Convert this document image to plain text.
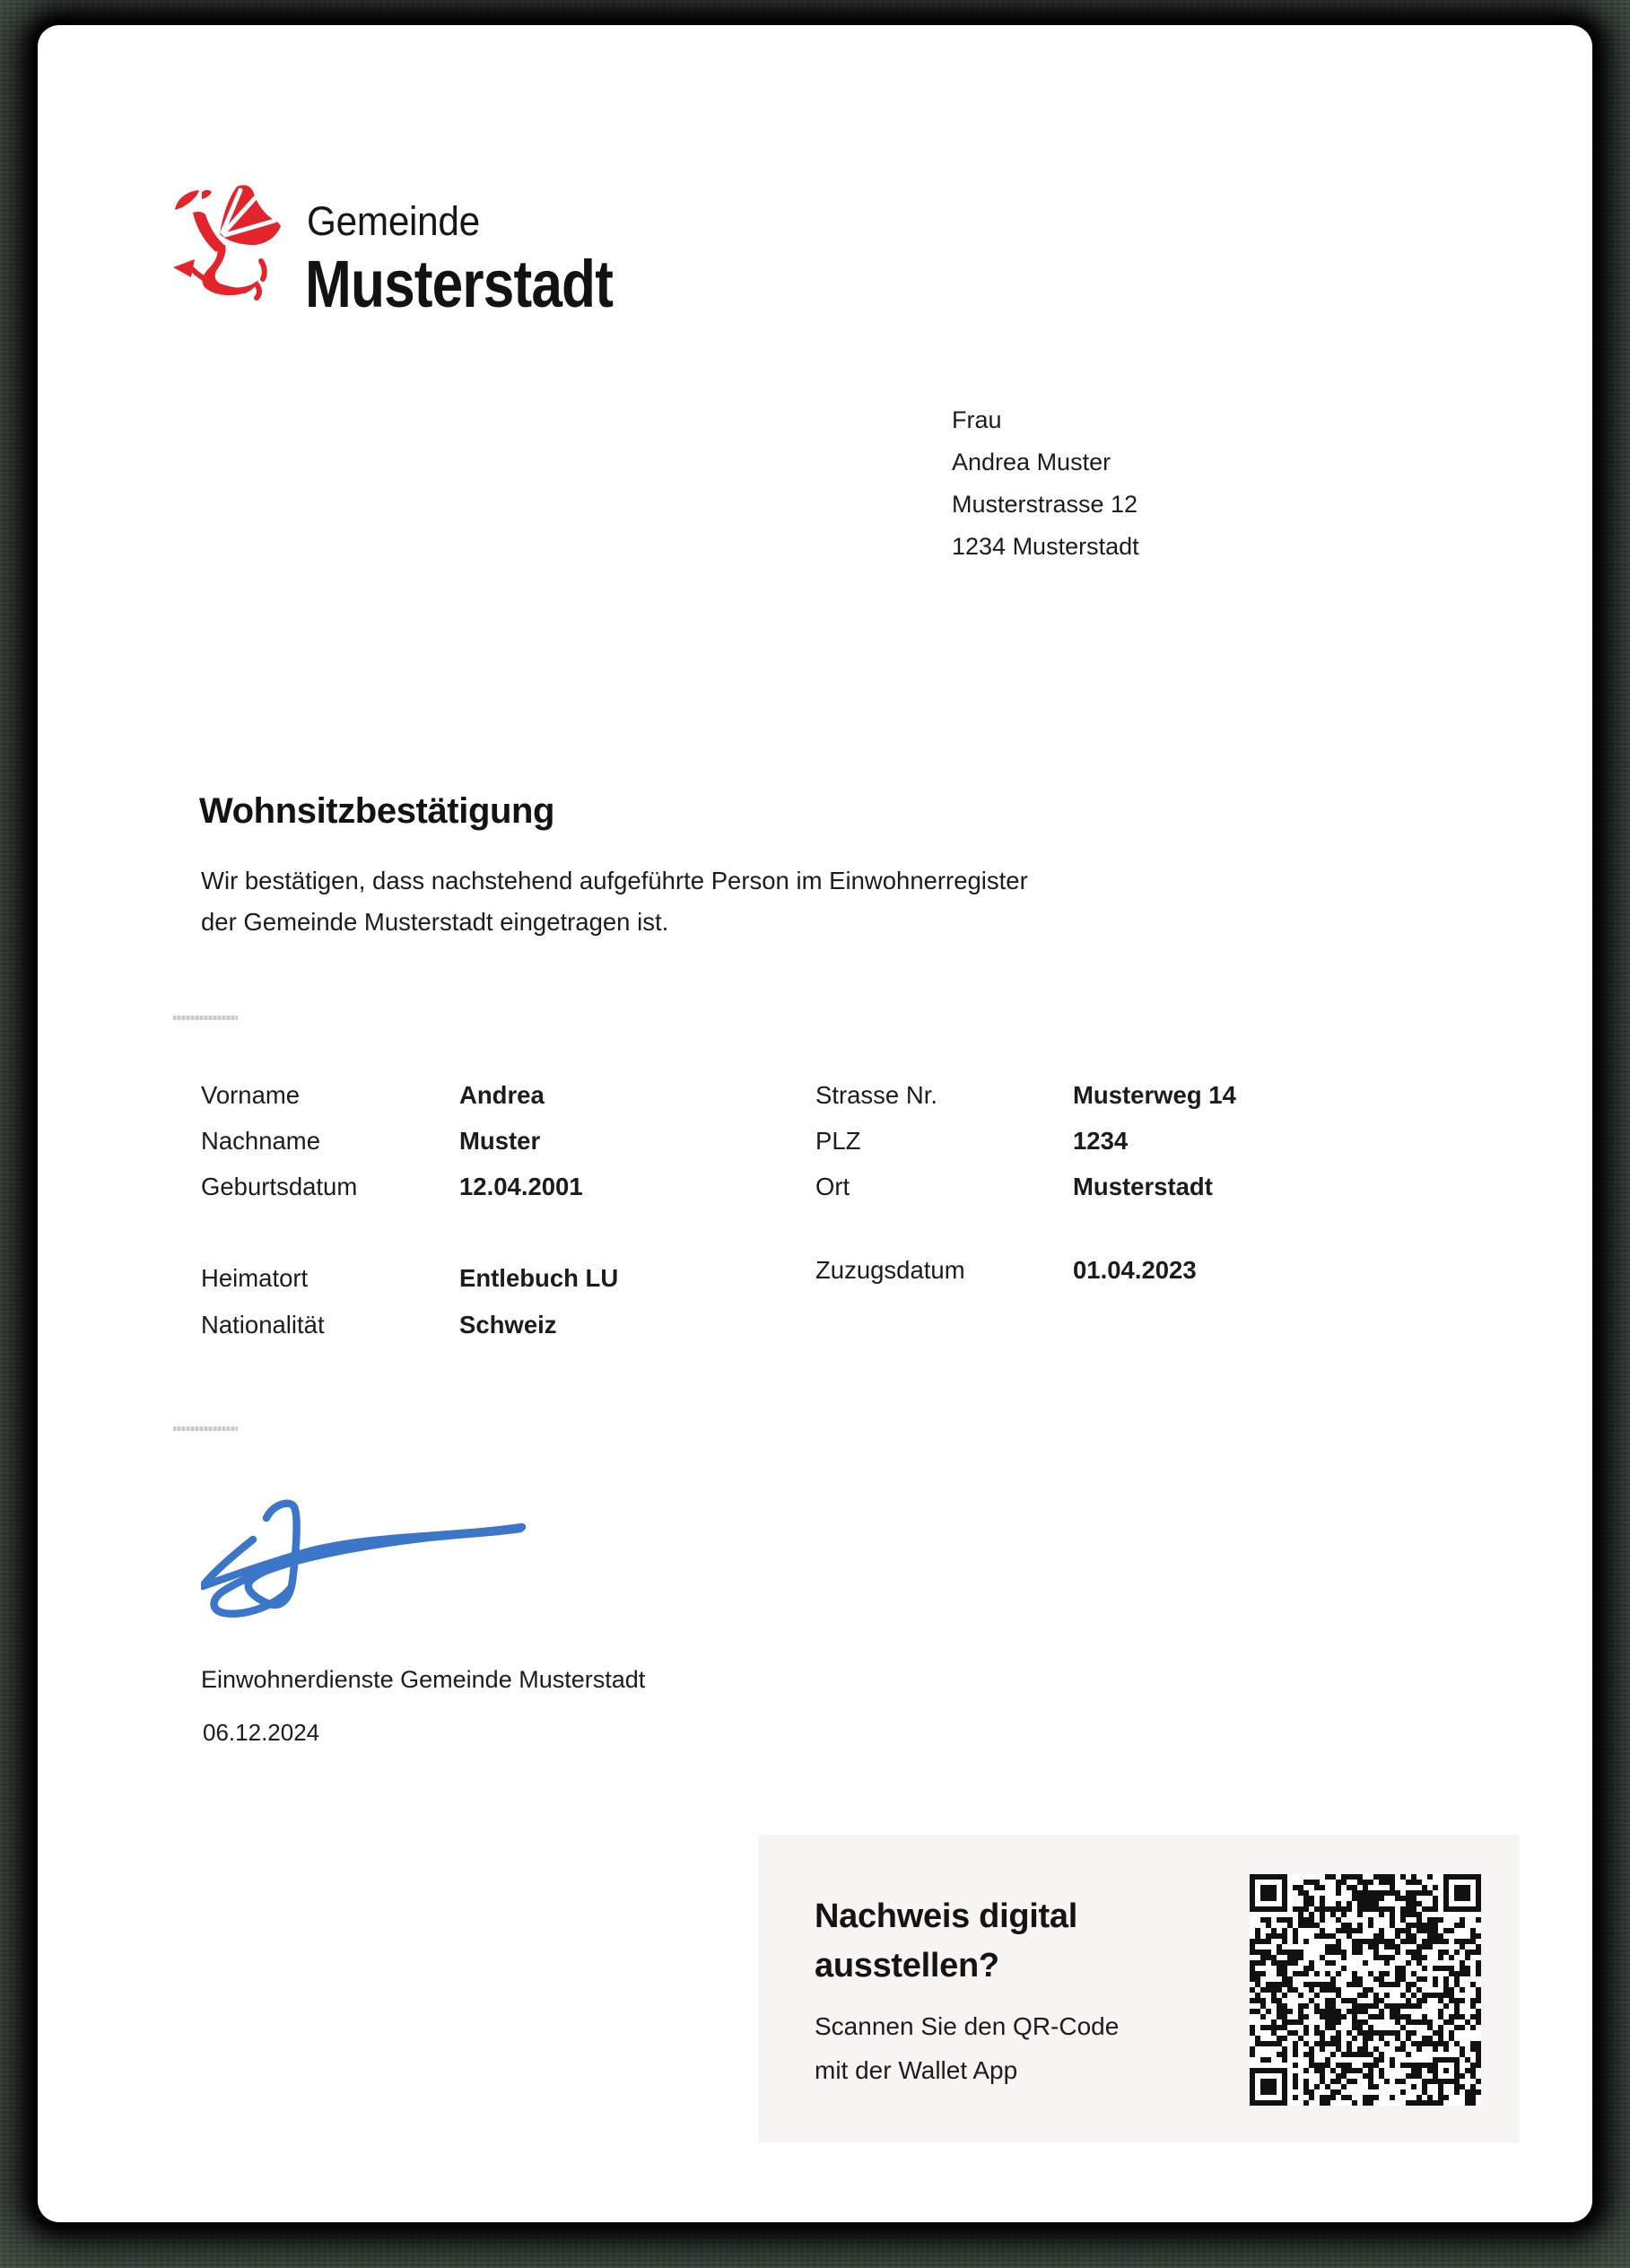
Gemeinde
Musterstadt
Frau
Andrea Muster
Musterstrasse 12
1234 Musterstadt
Wohnsitzbestätigung
Wir bestätigen, dass nachstehend aufgeführte Person im Einwohnerregister
der Gemeinde Musterstadt eingetragen ist.
Vorname	Andrea
Nachname	Muster
Geburtsdatum	12.04.2001
Heimatort	Entlebuch LU
Nationalität	Schweiz
Strasse Nr.	Musterweg 14
PLZ	1234
Ort	Musterstadt
Zuzugsdatum	01.04.2023
Einwohnerdienste Gemeinde Musterstadt
06.12.2024
Nachweis digital
ausstellen?
Scannen Sie den QR-Code
mit der Wallet App
